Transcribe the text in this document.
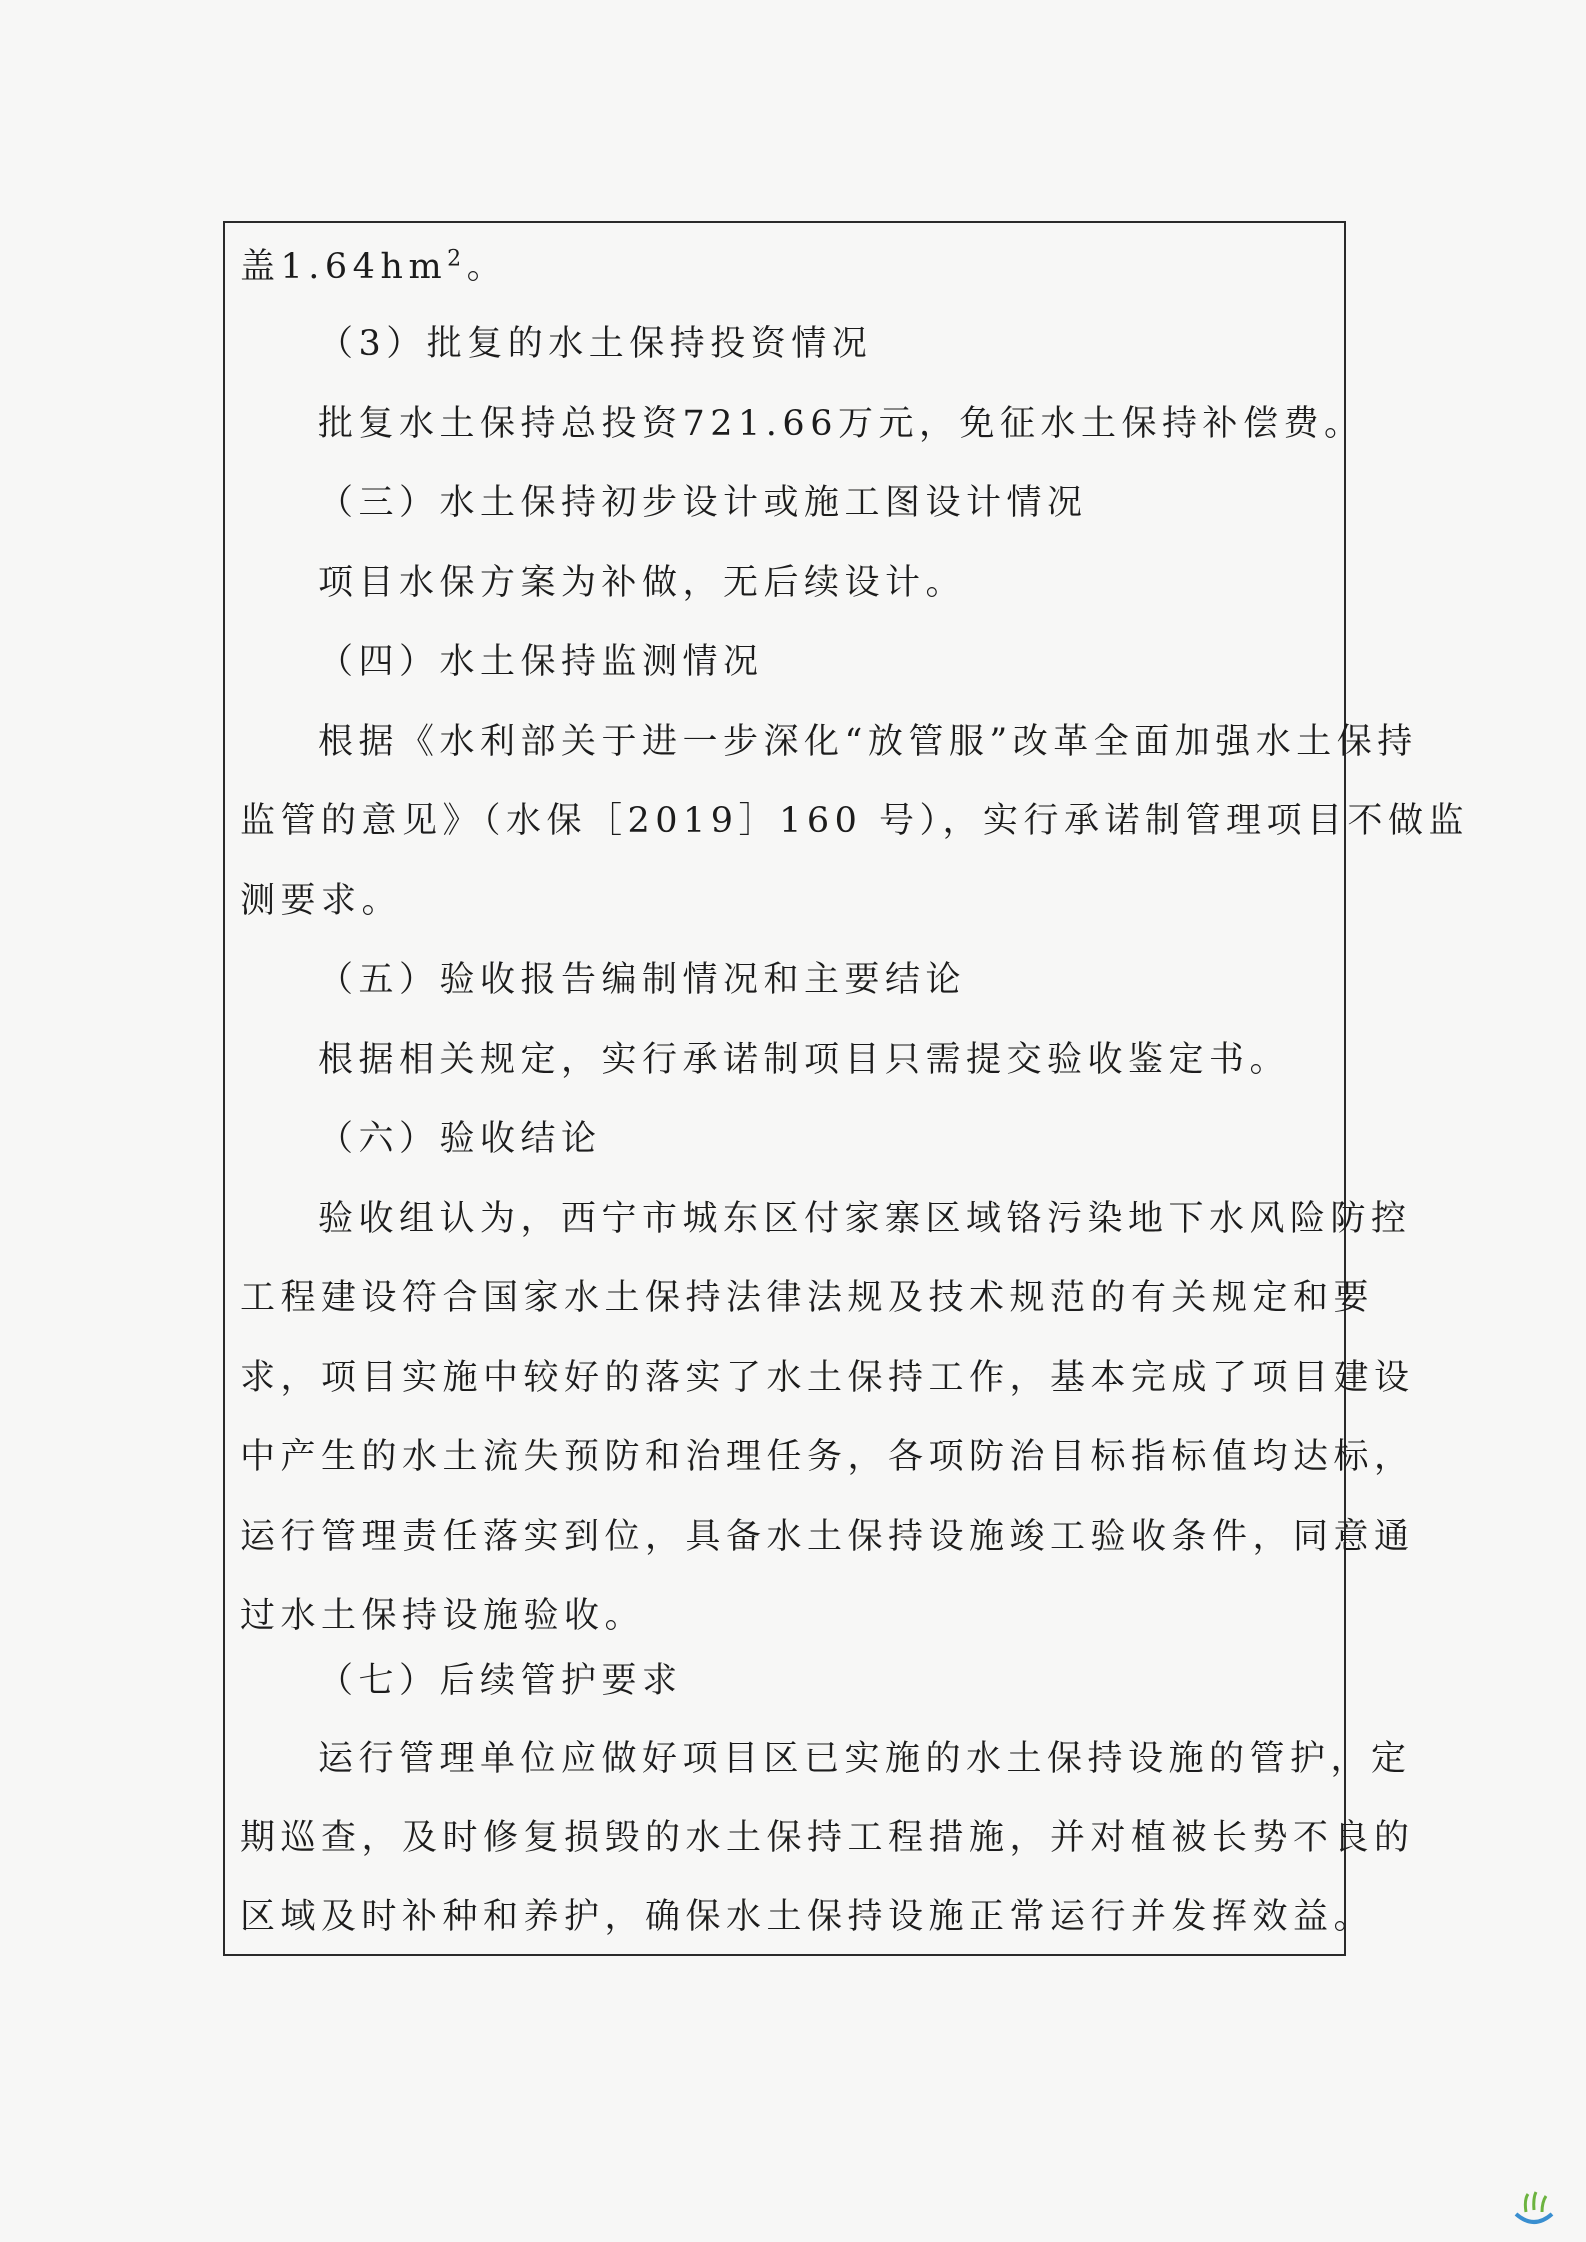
盖$1.64hm^2$。
（3）批复的水土保持投资情况
批复水土保持总投资721.66万元，免征水土保持补偿费。
（三）水土保持初步设计或施工图设计情况
项目水保方案为补做，无后续设计。
（四）水土保持监测情况
根据《水利部关于进一步深化“放管服”改革全面加强水土保持
监管的意见》（水保［2019］160 号），实行承诺制管理项目不做监
测要求。
（五）验收报告编制情况和主要结论
根据相关规定，实行承诺制项目只需提交验收鉴定书。
（六）验收结论
验收组认为，西宁市城东区付家寨区域铬污染地下水风险防控
工程建设符合国家水土保持法律法规及技术规范的有关规定和要
求，项目实施中较好的落实了水土保持工作，基本完成了项目建设
中产生的水土流失预防和治理任务，各项防治目标指标值均达标，
运行管理责任落实到位，具备水土保持设施竣工验收条件，同意通
过水土保持设施验收。
（七）后续管护要求
运行管理单位应做好项目区已实施的水土保持设施的管护，定
期巡查，及时修复损毁的水土保持工程措施，并对植被长势不良的
区域及时补种和养护，确保水土保持设施正常运行并发挥效益。
